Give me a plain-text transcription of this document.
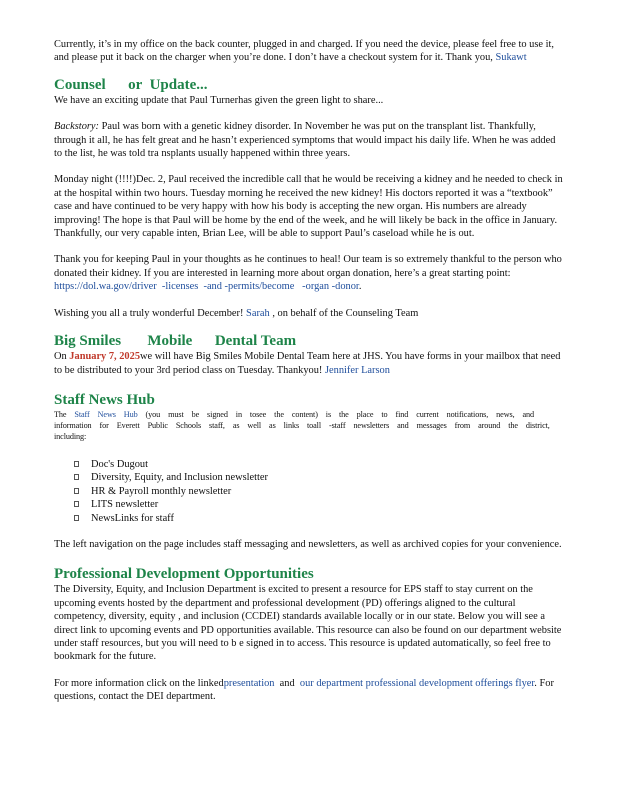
Currently, it’s in my office on the back counter, plugged in and charged. If you need the device, please feel free to use it, and please put it back on the charger when you’re done. I don’t have a checkout system for it. Thank you, Sukawt

Counsel      or  Update...

We have an exciting update that Paul Turnerhas given the green light to share...

Backstory: Paul was born with a genetic kidney disorder. In November he was put on the transplant list. Thankfully, through it all, he has felt great and he hasn’t experienced symptoms that would impact his daily life. When he was added to the list, he was told tra nsplants usually happened within three years.

Monday night (!!!!)Dec. 2, Paul received the incredible call that he would be receiving a kidney and he needed to check in at the hospital within two hours. Tuesday morning he received the new kidney! His doctors reported it was a “textbook” case and have continued to be very happy with how his body is accepting the new organ. His numbers are already improving! The hope is that Paul will be home by the end of the week, and he will likely be back in the office in January. Thankfully, our very capable inten, Brian Lee, will be able to support Paul’s caseload while he is out.

Thank you for keeping Paul in your thoughts as he continues to heal! Our team is so extremely thankful to the person who donated their kidney. If you are interested in learning more about organ donation, here’s a great starting point: https://dol.wa.gov/driver  -licenses  -and -permits/become   -organ -donor.

Wishing you all a truly wonderful December! Sarah , on behalf of the Counseling Team

Big Smiles       Mobile      Dental Team

On January 7, 2025we will have Big Smiles Mobile Dental Team here at JHS. You have forms in your mailbox that need to be distributed to your 3rd period class on Tuesday. Thankyou! Jennifer Larson

Staff News Hub

The Staff News Hub (you must be signed in tosee the content) is the place to find current notifications, news, and information for Everett Public Schools staff, as well as links toall -staff newsletters and messages from around the district, including:

Doc's Dugout
Diversity, Equity, and Inclusion newsletter
HR & Payroll monthly newsletter
LITS newsletter
NewsLinks for staff

The left navigation on the page includes staff messaging and newsletters, as well as archived copies for your convenience.

Professional Development Opportunities

The Diversity, Equity, and Inclusion Department is excited to present a resource for EPS staff to stay current on the upcoming events hosted by the department and professional development (PD) offerings aligned to the cultural competency, diversity, equity , and inclusion (CCDEI) standards available locally or in our state. Below you will see a direct link to upcoming events and PD opportunities available. This resource can also be found on our department website under staff resources, but you will need to b e signed in to access. This resource is updated automatically, so feel free to bookmark for the future.

For more information click on the linkedpresentation  and  our department professional development offerings flyer. For questions, contact the DEI department.
